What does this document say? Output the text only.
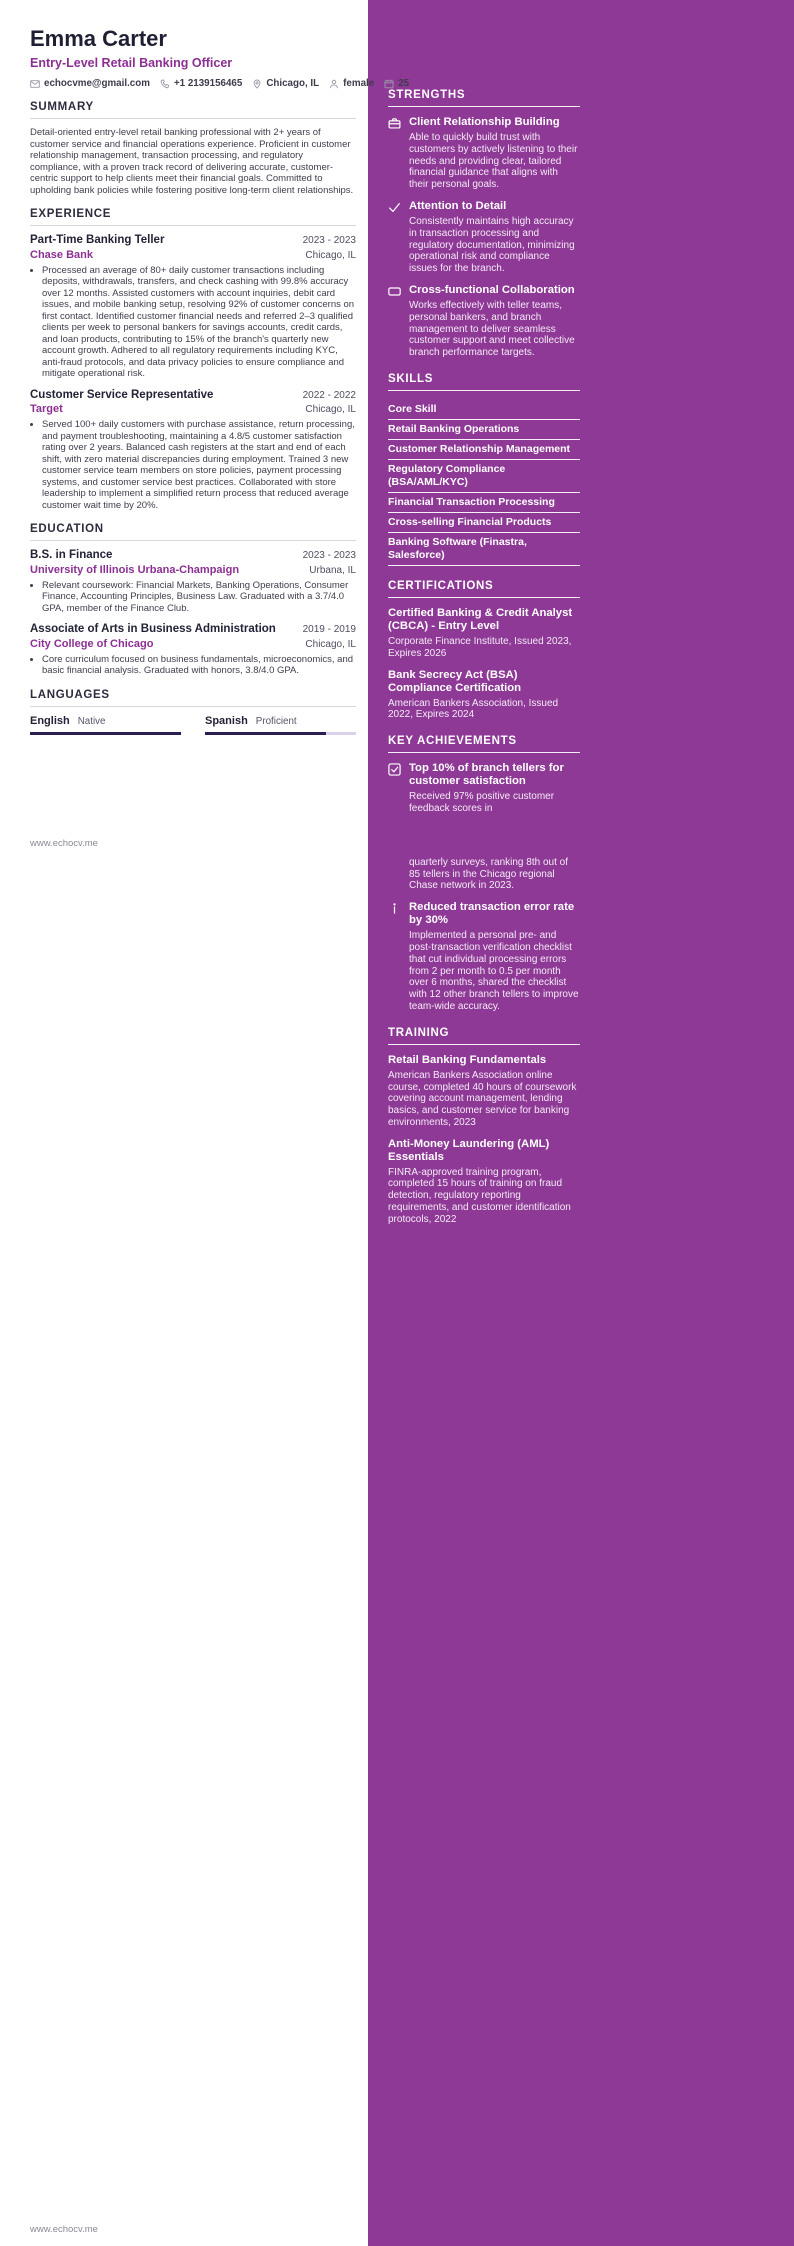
STRENGTHS
Client Relationship Building
Able to quickly build trust with customers by actively listening to their needs and providing clear, tailored financial guidance that aligns with their personal goals.
Attention to Detail
Consistently maintains high accuracy in transaction processing and regulatory documentation, minimizing operational risk and compliance issues for the branch.
Cross-functional Collaboration
Works effectively with teller teams, personal bankers, and branch management to deliver seamless customer support and meet collective branch performance targets.
SKILLS
Core Skill
Retail Banking Operations
Customer Relationship Management
Regulatory Compliance (BSA/AML/KYC)
Financial Transaction Processing
Cross-selling Financial Products
Banking Software (Finastra, Salesforce)
CERTIFICATIONS
Certified Banking & Credit Analyst (CBCA) - Entry Level
Corporate Finance Institute, Issued 2023, Expires 2026
Bank Secrecy Act (BSA) Compliance Certification
American Bankers Association, Issued 2022, Expires 2024
KEY ACHIEVEMENTS
Top 10% of branch tellers for customer satisfaction
Received 97% positive customer feedback scores in
quarterly surveys, ranking 8th out of 85 tellers in the Chicago regional Chase network in 2023.
Reduced transaction error rate by 30%
Implemented a personal pre- and post-transaction verification checklist that cut individual processing errors from 2 per month to 0.5 per month over 6 months, shared the checklist with 12 other branch tellers to improve team-wide accuracy.
TRAINING
Retail Banking Fundamentals
American Bankers Association online course, completed 40 hours of coursework covering account management, lending basics, and customer service for banking environments, 2023
Anti-Money Laundering (AML) Essentials
FINRA-approved training program, completed 15 hours of training on fraud detection, regulatory reporting requirements, and customer identification protocols, 2022
Emma Carter
Entry-Level Retail Banking Officer
echocvme@gmail.com +1 2139156465 Chicago, IL female 25
SUMMARY

Detail-oriented entry-level retail banking professional with 2+ years of customer service and financial operations experience. Proficient in customer relationship management, transaction processing, and regulatory compliance, with a proven track record of delivering accurate, customer-centric support to help clients meet their financial goals. Committed to upholding bank policies while fostering positive long-term client relationships.

EXPERIENCE
Part-Time Banking Teller	2023 - 2023
Chase Bank	Chicago, IL
• Processed an average of 80+ daily customer transactions including deposits, withdrawals, transfers, and check cashing with 99.8% accuracy over 12 months. Assisted customers with account inquiries, debit card issues, and mobile banking setup, resolving 92% of customer concerns on first contact. Identified customer financial needs and referred 2–3 qualified clients per week to personal bankers for savings accounts, credit cards, and loan products, contributing to 15% of the branch's quarterly new account growth. Adhered to all regulatory requirements including KYC, anti-fraud protocols, and data privacy policies to ensure compliance and mitigate operational risk.
Customer Service Representative	2022 - 2022
Target	Chicago, IL
• Served 100+ daily customers with purchase assistance, return processing, and payment troubleshooting, maintaining a 4.8/5 customer satisfaction rating over 2 years. Balanced cash registers at the start and end of each shift, with zero material discrepancies during employment. Trained 3 new customer service team members on store policies, payment processing systems, and customer service best practices. Collaborated with store leadership to implement a simplified return process that reduced average customer wait time by 20%.
EDUCATION
B.S. in Finance	2023 - 2023
University of Illinois Urbana-Champaign	Urbana, IL
• Relevant coursework: Financial Markets, Banking Operations, Consumer Finance, Accounting Principles, Business Law. Graduated with a 3.7/4.0 GPA, member of the Finance Club.
Associate of Arts in Business Administration	2019 - 2019
City College of Chicago	Chicago, IL
• Core curriculum focused on business fundamentals, microeconomics, and basic financial analysis. Graduated with honors, 3.8/4.0 GPA.
LANGUAGES
English Native	Spanish Proficient
www.echocv.me
www.echocv.me
